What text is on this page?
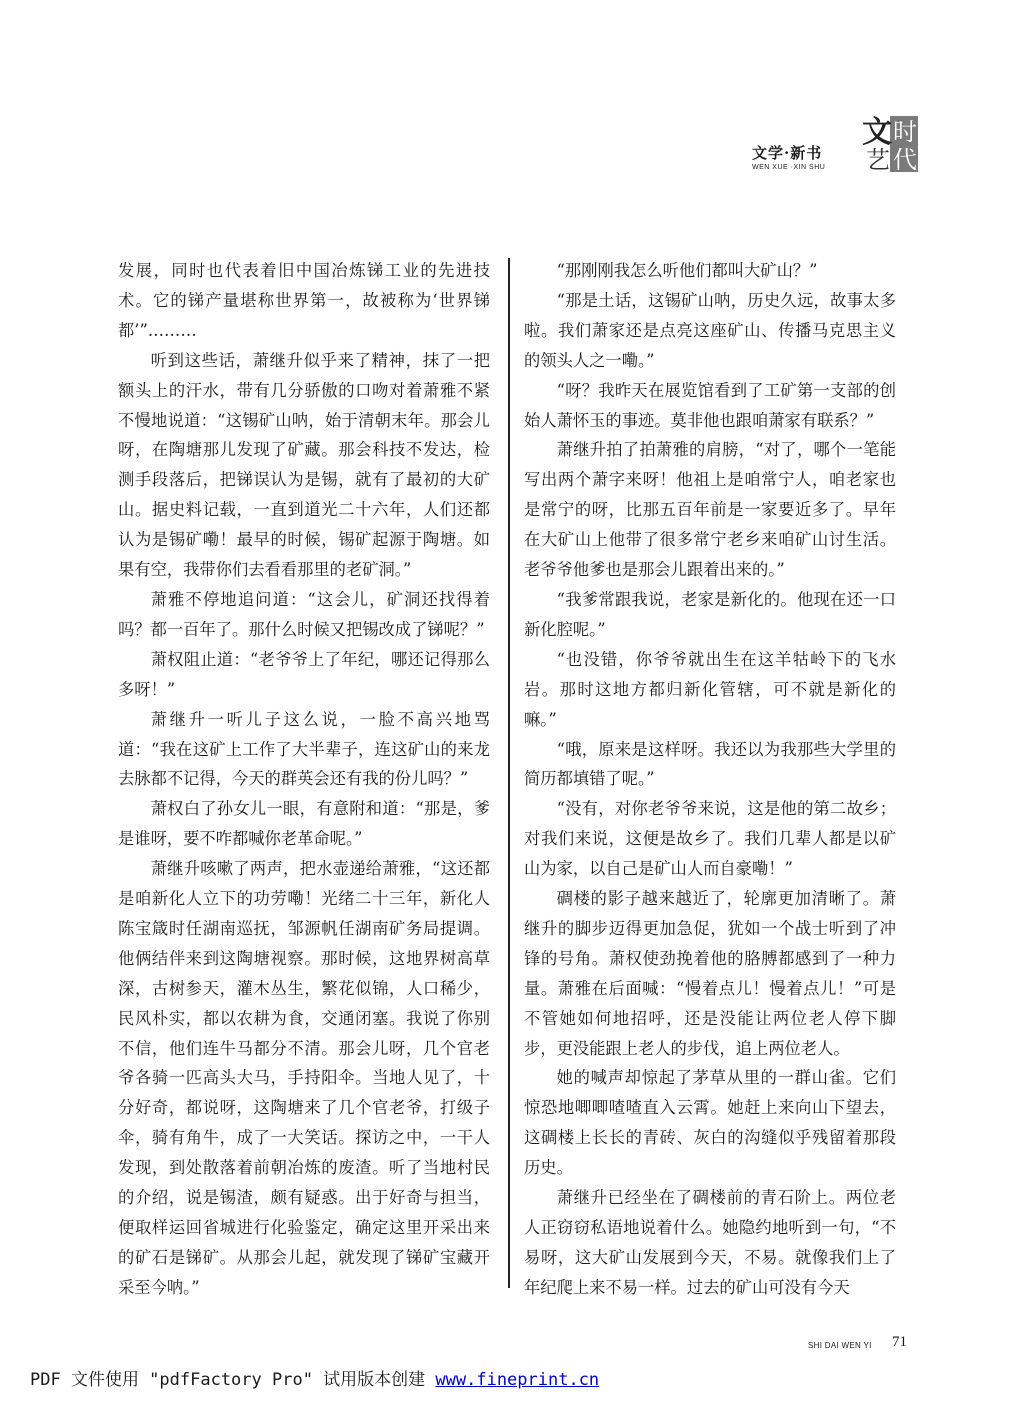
文学·新书
WEN XUE ·XIN SHU
文 时
艺 代

发展，同时也代表着旧中国冶炼锑工业的先进技术。它的锑产量堪称世界第一，故被称为‘世界锑都’”………

听到这些话，萧继升似乎来了精神，抹了一把额头上的汗水，带有几分骄傲的口吻对着萧雅不紧不慢地说道：“这锡矿山呐，始于清朝末年。那会儿呀，在陶塘那儿发现了矿藏。那会科技不发达，检测手段落后，把锑误认为是锡，就有了最初的大矿山。据史料记载，一直到道光二十六年，人们还都认为是锡矿嘞！最早的时候，锡矿起源于陶塘。如果有空，我带你们去看看那里的老矿洞。”

萧雅不停地追问道：“这会儿，矿洞还找得着吗？都一百年了。那什么时候又把锡改成了锑呢？”

萧权阻止道：“老爷爷上了年纪，哪还记得那么多呀！”

萧继升一听儿子这么说，一脸不高兴地骂道：“我在这矿上工作了大半辈子，连这矿山的来龙去脉都不记得，今天的群英会还有我的份儿吗？”

萧权白了孙女儿一眼，有意附和道：“那是，爹是谁呀，要不咋都喊你老革命呢。”

萧继升咳嗽了两声，把水壶递给萧雅，“这还都是咱新化人立下的功劳嘞！光绪二十三年，新化人陈宝箴时任湖南巡抚，邹源帆任湖南矿务局提调。他俩结伴来到这陶塘视察。那时候，这地界树高草深，古树参天，灌木丛生，繁花似锦，人口稀少，民风朴实，都以农耕为食，交通闭塞。我说了你别不信，他们连牛马都分不清。那会儿呀，几个官老爷各骑一匹高头大马，手持阳伞。当地人见了，十分好奇，都说呀，这陶塘来了几个官老爷，打级子伞，骑有角牛，成了一大笑话。探访之中，一干人发现，到处散落着前朝冶炼的废渣。听了当地村民的介绍，说是锡渣，颇有疑惑。出于好奇与担当，便取样运回省城进行化验鉴定，确定这里开采出来的矿石是锑矿。从那会儿起，就发现了锑矿宝藏开采至今呐。”

“那刚刚我怎么听他们都叫大矿山？”

“那是土话，这锡矿山呐，历史久远，故事太多啦。我们萧家还是点亮这座矿山、传播马克思主义的领头人之一嘞。”

“呀？我昨天在展览馆看到了工矿第一支部的创始人萧怀玉的事迹。莫非他也跟咱萧家有联系？”

萧继升拍了拍萧雅的肩膀，“对了，哪个一笔能写出两个萧字来呀！他祖上是咱常宁人，咱老家也是常宁的呀，比那五百年前是一家要近多了。早年在大矿山上他带了很多常宁老乡来咱矿山讨生活。老爷爷他爹也是那会儿跟着出来的。”

“我爹常跟我说，老家是新化的。他现在还一口新化腔呢。”

“也没错，你爷爷就出生在这羊牯岭下的飞水岩。那时这地方都归新化管辖，可不就是新化的嘛。”

“哦，原来是这样呀。我还以为我那些大学里的简历都填错了呢。”

“没有，对你老爷爷来说，这是他的第二故乡；对我们来说，这便是故乡了。我们几辈人都是以矿山为家，以自己是矿山人而自豪嘞！”

碉楼的影子越来越近了，轮廓更加清晰了。萧继升的脚步迈得更加急促，犹如一个战士听到了冲锋的号角。萧权使劲挽着他的胳膊都感到了一种力量。萧雅在后面喊：“慢着点儿！慢着点儿！”可是不管她如何地招呼，还是没能让两位老人停下脚步，更没能跟上老人的步伐，追上两位老人。

她的喊声却惊起了茅草从里的一群山雀。它们惊恐地唧唧喳喳直入云霄。她赶上来向山下望去，这碉楼上长长的青砖、灰白的沟缝似乎残留着那段历史。

萧继升已经坐在了碉楼前的青石阶上。两位老人正窃窃私语地说着什么。她隐约地听到一句，“不易呀，这大矿山发展到今天，不易。就像我们上了年纪爬上来不易一样。过去的矿山可没有今天

SHI DAI WEN YI 71
PDF 文件使用 "pdfFactory Pro" 试用版本创建 www.fineprint.cn
